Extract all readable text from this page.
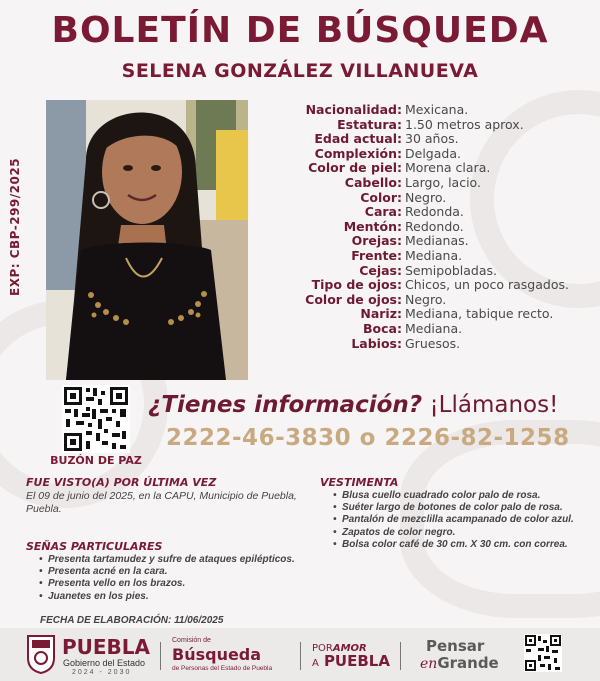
BOLETÍN DE BÚSQUEDA
SELENA GONZÁLEZ VILLANUEVA
EXP: CBP-299/2025
Nacionalidad: Mexicana.
Estatura: 1.50 metros aprox.
Edad actual: 30 años.
Complexión: Delgada.
Color de piel: Morena clara.
Cabello: Largo, lacio.
Color: Negro.
Cara: Redonda.
Mentón: Redondo.
Orejas: Medianas.
Frente: Mediana.
Cejas: Semipobladas.
Tipo de ojos: Chicos, un poco rasgados.
Color de ojos: Negro.
Nariz: Mediana, tabique recto.
Boca: Mediana.
Labios: Gruesos.
BUZÓN DE PAZ
¿Tienes información? ¡Llámanos!
2222-46-3830 o 2226-82-1258
FUE VISTO(A) POR ÚLTIMA VEZ
El 09 de junio del 2025, en la CAPU, Municipio de Puebla, Puebla.
VESTIMENTA
• Blusa cuello cuadrado color palo de rosa.
• Suéter largo de botones de color palo de rosa.
• Pantalón de mezclilla acampanado de color azul.
• Zapatos de color negro.
• Bolsa color café de 30 cm. X 30 cm. con correa.
SEÑAS PARTICULARES
• Presenta tartamudez y sufre de ataques epilépticos.
• Presenta acné en la cara.
• Presenta vello en los brazos.
• Juanetes en los pies.
FECHA DE ELABORACIÓN: 11/06/2025
PUEBLA
Gobierno del Estado
2024 - 2030
Comisión de
Búsqueda
de Personas del Estado de Puebla
PORAMOR
A PUEBLA
Pensar
enGrande
